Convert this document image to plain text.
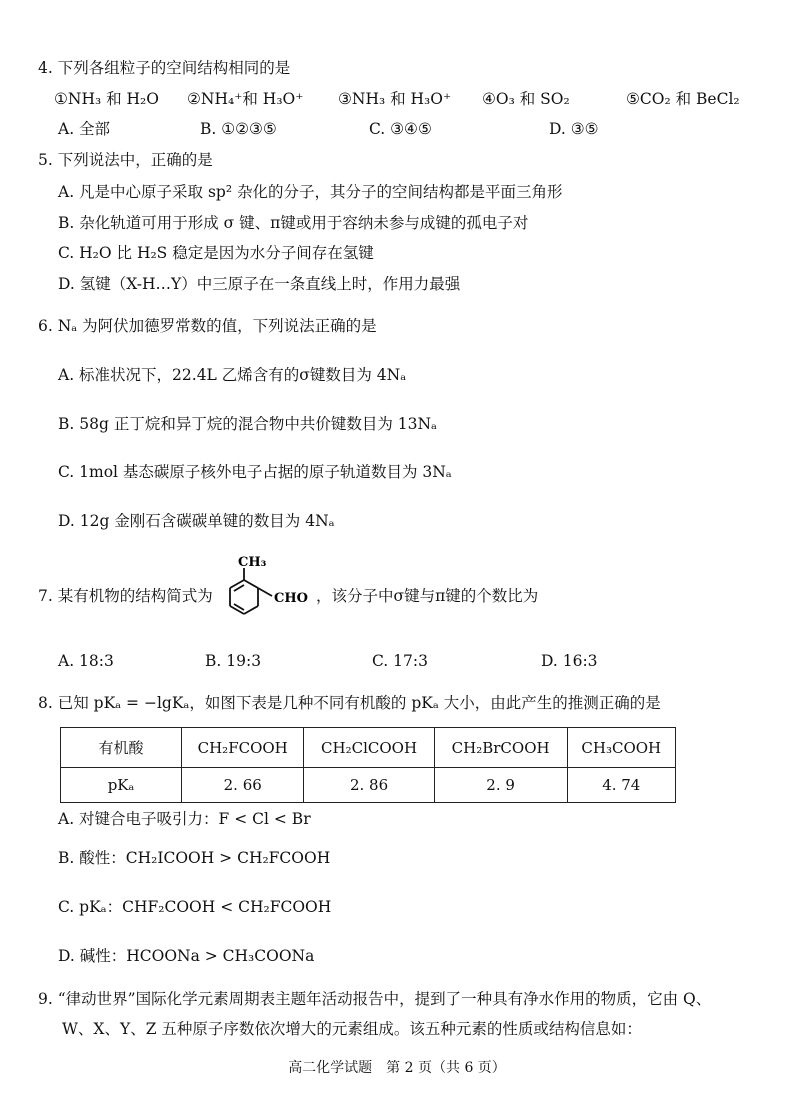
4. 下列各组粒子的空间结构相同的是
①NH₃ 和 H₂O ②NH₄⁺和 H₃O⁺ ③NH₃ 和 H₃O⁺ ④O₃ 和 SO₂	⑤CO₂ 和 BeCl₂
A. 全部	B. ①②③⑤	C. ③④⑤	D. ③⑤
5. 下列说法中，正确的是
A. 凡是中心原子采取 sp² 杂化的分子，其分子的空间结构都是平面三角形
B. 杂化轨道可用于形成 σ 键、π键或用于容纳未参与成键的孤电子对
C. H₂O 比 H₂S 稳定是因为水分子间存在氢键
D. 氢键（X-H…Y）中三原子在一条直线上时，作用力最强
6. Nₐ 为阿伏加德罗常数的值，下列说法正确的是
A. 标准状况下，22.4L 乙烯含有的σ键数目为 4Nₐ
B. 58g 正丁烷和异丁烷的混合物中共价键数目为 13Nₐ
C. 1mol 基态碳原子核外电子占据的原子轨道数目为 3Nₐ
D. 12g 金刚石含碳碳单键的数目为 4Nₐ
7. 某有机物的结构简式为
CH₃
CHO ，该分子中σ键与π键的个数比为
A. 18:3	B. 19:3	C. 17:3	D. 16:3
8. 已知 pKₐ = −lgKₐ，如图下表是几种不同有机酸的 pKₐ 大小，由此产生的推测正确的是
有机酸	CH₂FCOOH	CH₂ClCOOH	CH₂BrCOOH	CH₃COOH
pKₐ	2. 66	2. 86	2. 9	4. 74
A. 对键合电子吸引力：F < Cl < Br
B. 酸性：CH₂ICOOH > CH₂FCOOH
C. pKₐ：CHF₂COOH < CH₂FCOOH
D. 碱性：HCOONa > CH₃COONa
9. “律动世界”国际化学元素周期表主题年活动报告中，提到了一种具有净水作用的物质，它由 Q、
W、X、Y、Z 五种原子序数依次增大的元素组成。该五种元素的性质或结构信息如：
高二化学试题　第 2 页（共 6 页）
